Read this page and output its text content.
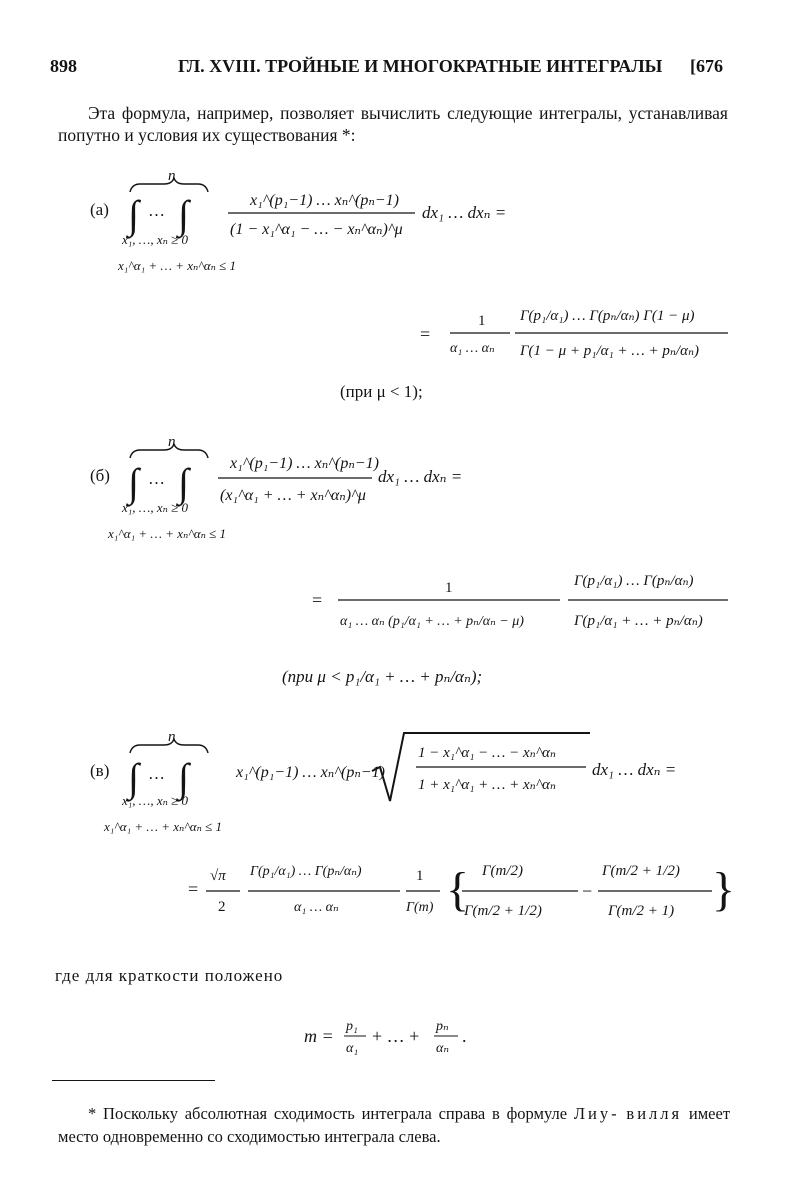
898	ГЛ. XVIII. ТРОЙНЫЕ И МНОГОКРАТНЫЕ ИНТЕГРАЛЫ [676
Эта формула, например, позволяет вычислить следующие интегралы, устанавливая попутно и условия их существования *:
(а)
n
∫ … ∫
x₁, …, xₙ ≥ 0
x₁^α₁ + … + xₙ^αₙ ≤ 1
x₁^(p₁−1) … xₙ^(pₙ−1)
(1 − x₁^α₁ − … − xₙ^αₙ)^μ
dx₁ … dxₙ =
=
1
α₁ … αₙ
Γ(p₁/α₁) … Γ(pₙ/αₙ) Γ(1 − μ)
Γ(1 − μ + p₁/α₁ + … + pₙ/αₙ)
(при μ < 1);
(б)
n
∫ … ∫
x₁, …, xₙ ≥ 0
x₁^α₁ + … + xₙ^αₙ ≤ 1
x₁^(p₁−1) … xₙ^(pₙ−1)
(x₁^α₁ + … + xₙ^αₙ)^μ
dx₁ … dxₙ =
=
1
α₁ … αₙ (p₁/α₁ + … + pₙ/αₙ − μ)
Γ(p₁/α₁) … Γ(pₙ/αₙ)
Γ(p₁/α₁ + … + pₙ/αₙ)
(при μ < p₁/α₁ + … + pₙ/αₙ);
(в)
n
∫ … ∫
x₁, …, xₙ ≥ 0
x₁^α₁ + … + xₙ^αₙ ≤ 1
x₁^(p₁−1) … xₙ^(pₙ−1)
1 − x₁^α₁ − … − xₙ^αₙ
1 + x₁^α₁ + … + xₙ^αₙ
dx₁ … dxₙ =
=
√π
2
Γ(p₁/α₁) … Γ(pₙ/αₙ)
α₁ … αₙ
1
Γ(m) { Γ(m/2)
Γ(m/2 + 1/2)
−
Γ(m/2 + 1/2)
Γ(m/2 + 1) }
где для краткости положено
m = p₁
α₁
+ … + pₙ
αₙ
.
* Поскольку абсолютная сходимость интеграла справа в формуле Лиу- вилля имеет место одновременно со сходимостью интеграла слева.
